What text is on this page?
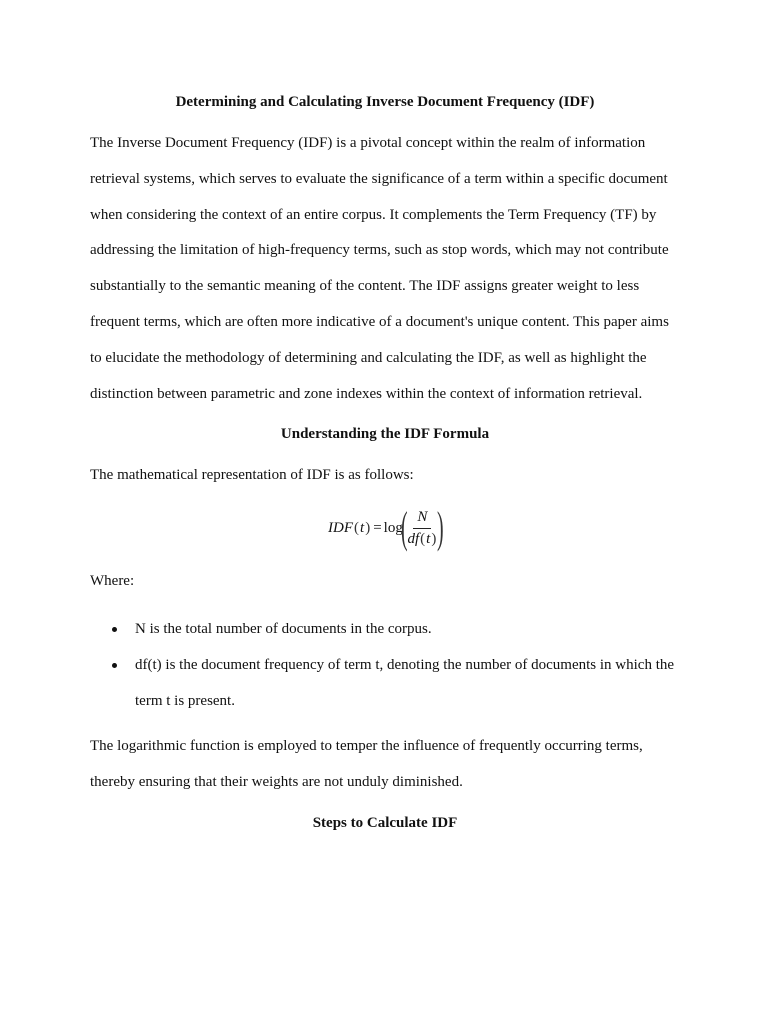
Determining and Calculating Inverse Document Frequency (IDF)

The Inverse Document Frequency (IDF) is a pivotal concept within the realm of information
retrieval systems, which serves to evaluate the significance of a term within a specific document
when considering the context of an entire corpus. It complements the Term Frequency (TF) by
addressing the limitation of high-frequency terms, such as stop words, which may not contribute
substantially to the semantic meaning of the content. The IDF assigns greater weight to less
frequent terms, which are often more indicative of a document's unique content. This paper aims
to elucidate the methodology of determining and calculating the IDF, as well as highlight the
distinction between parametric and zone indexes within the context of information retrieval.

Understanding the IDF Formula

The mathematical representation of IDF is as follows:

IDF ( t ) = log
( $\frac{N}{df(t)}$ )

Where:

N is the total number of documents in the corpus.
df(t) is the document frequency of term t, denoting the number of documents in which the term t is present.

The logarithmic function is employed to temper the influence of frequently occurring terms,
thereby ensuring that their weights are not unduly diminished.

Steps to Calculate IDF
